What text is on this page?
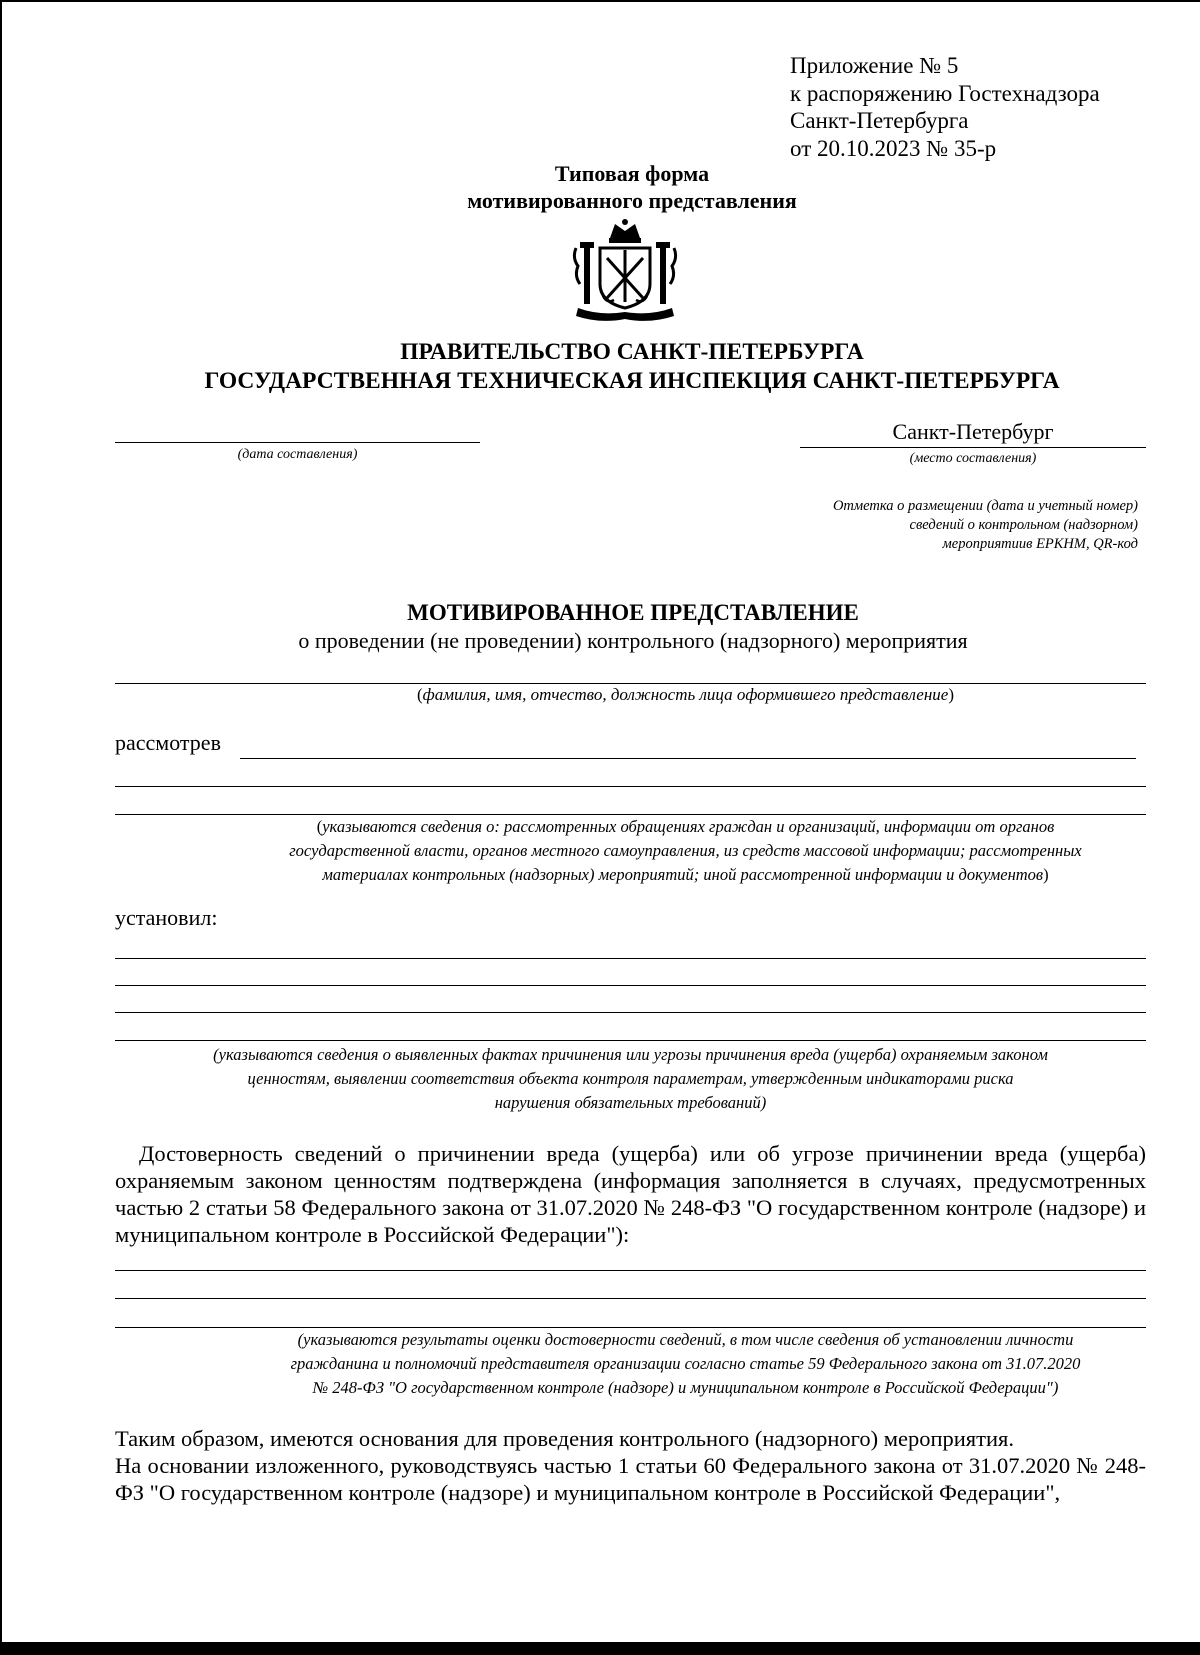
Приложение № 5
к распоряжению Гостехнадзора
Санкт-Петербурга
от 20.10.2023 № 35-р
Типовая форма
мотивированного представления
ПРАВИТЕЛЬСТВО САНКТ-ПЕТЕРБУРГА
ГОСУДАРСТВЕННАЯ ТЕХНИЧЕСКАЯ ИНСПЕКЦИЯ САНКТ-ПЕТЕРБУРГА
(дата составления)
Санкт-Петербург
(место составления)
Отметка о размещении (дата и учетный номер)
сведений о контрольном (надзорном)
мероприятиив ЕРКНМ, QR-код
МОТИВИРОВАННОЕ ПРЕДСТАВЛЕНИЕ
о проведении (не проведении) контрольного (надзорного) мероприятия
(фамилия, имя, отчество, должность лица оформившего представление)
рассмотрев
(указываются сведения о: рассмотренных обращениях граждан и организаций, информации от органов
государственной власти, органов местного самоуправления, из средств массовой информации; рассмотренных
материалах контрольных (надзорных) мероприятий; иной рассмотренной информации и документов)
установил:
(указываются сведения о выявленных фактах причинения или угрозы причинения вреда (ущерба) охраняемым законом
ценностям, выявлении соответствия объекта контроля параметрам, утвержденным индикаторами риска
нарушения обязательных требований)
Достоверность сведений о причинении вреда (ущерба) или об угрозе причинении вреда (ущерба) охраняемым законом ценностям подтверждена (информация заполняется в случаях, предусмотренных частью 2 статьи 58 Федерального закона от 31.07.2020 № 248-ФЗ "О государственном контроле (надзоре) и муниципальном контроле в Российской Федерации"):
(указываются результаты оценки достоверности сведений, в том числе сведения об установлении личности
гражданина и полномочий представителя организации согласно статье 59 Федерального закона от 31.07.2020
№ 248-ФЗ "О государственном контроле (надзоре) и муниципальном контроле в Российской Федерации")
Таким образом, имеются основания для проведения контрольного (надзорного) мероприятия.
На основании изложенного, руководствуясь частью 1 статьи 60 Федерального закона от 31.07.2020 № 248-ФЗ "О государственном контроле (надзоре) и муниципальном контроле в Российской Федерации",
